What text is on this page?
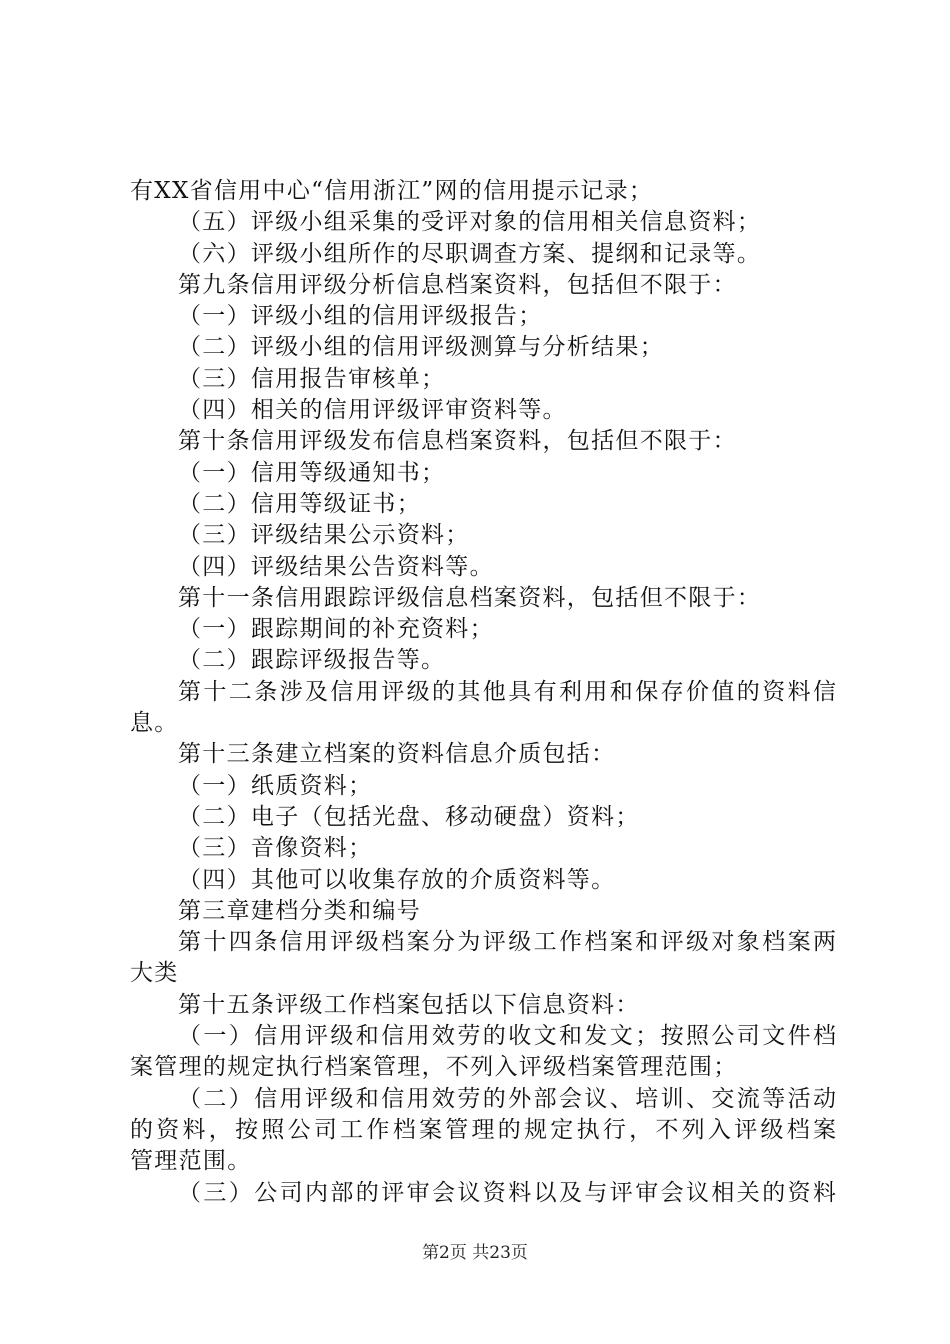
有XX省信用中心“信用浙江”网的信用提示记录；
（五）评级小组采集的受评对象的信用相关信息资料；
（六）评级小组所作的尽职调查方案、提纲和记录等。
第九条信用评级分析信息档案资料，包括但不限于：
（一）评级小组的信用评级报告；
（二）评级小组的信用评级测算与分析结果；
（三）信用报告审核单；
（四）相关的信用评级评审资料等。
第十条信用评级发布信息档案资料，包括但不限于：
（一）信用等级通知书；
（二）信用等级证书；
（三）评级结果公示资料；
（四）评级结果公告资料等。
第十一条信用跟踪评级信息档案资料，包括但不限于：
（一）跟踪期间的补充资料；
（二）跟踪评级报告等。
第十二条涉及信用评级的其他具有利用和保存价值的资料信
息。
第十三条建立档案的资料信息介质包括：
（一）纸质资料；
（二）电子（包括光盘、移动硬盘）资料；
（三）音像资料；
（四）其他可以收集存放的介质资料等。
第三章建档分类和编号
第十四条信用评级档案分为评级工作档案和评级对象档案两
大类
第十五条评级工作档案包括以下信息资料：
（一）信用评级和信用效劳的收文和发文；按照公司文件档
案管理的规定执行档案管理，不列入评级档案管理范围；
（二）信用评级和信用效劳的外部会议、培训、交流等活动
的资料，按照公司工作档案管理的规定执行，不列入评级档案
管理范围。
（三）公司内部的评审会议资料以及与评审会议相关的资料
第2页 共23页
